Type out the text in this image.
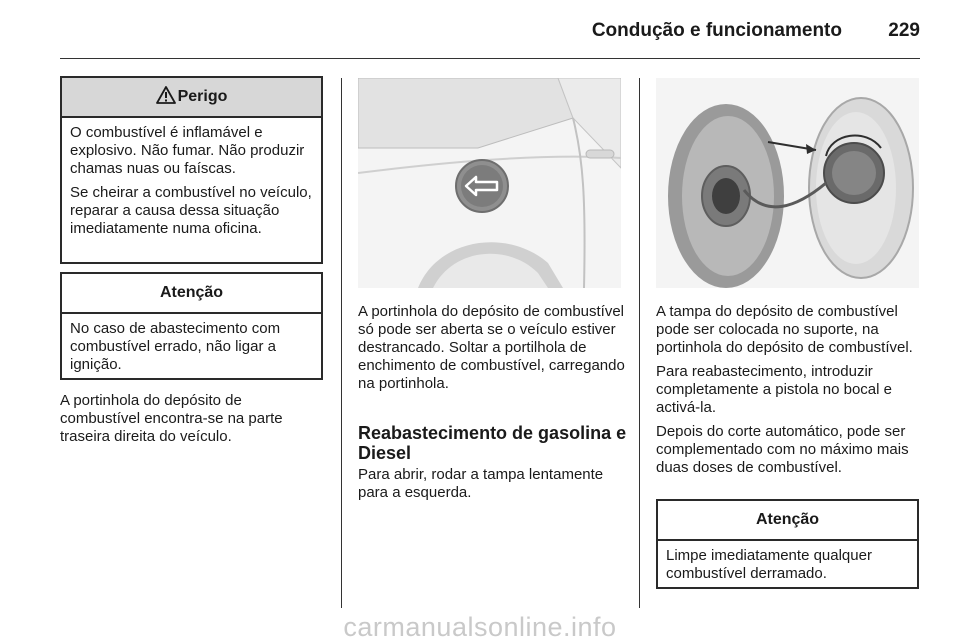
Condução e funcionamento 229
Perigo

O combustível é inflamável e explosivo. Não fumar. Não produzir chamas nuas ou faíscas.

Se cheirar a combustível no veículo, reparar a causa dessa situação imediatamente numa oficina.

Atenção

No caso de abastecimento com combustível errado, não ligar a ignição.

A portinhola do depósito de combustível encontra-se na parte traseira direita do veículo.

A portinhola do depósito de combustível só pode ser aberta se o veículo estiver destrancado. Soltar a portilhola de enchimento de combustível, carregando na portinhola.

Reabastecimento de gasolina e Diesel

Para abrir, rodar a tampa lentamente para a esquerda.

A tampa do depósito de combustível pode ser colocada no suporte, na portinhola do depósito de combustível.

Para reabastecimento, introduzir completamente a pistola no bocal e activá-la.

Depois do corte automático, pode ser complementado com no máximo mais duas doses de combustível.

Atenção

Limpe imediatamente qualquer combustível derramado.

carmanualsonline.info
